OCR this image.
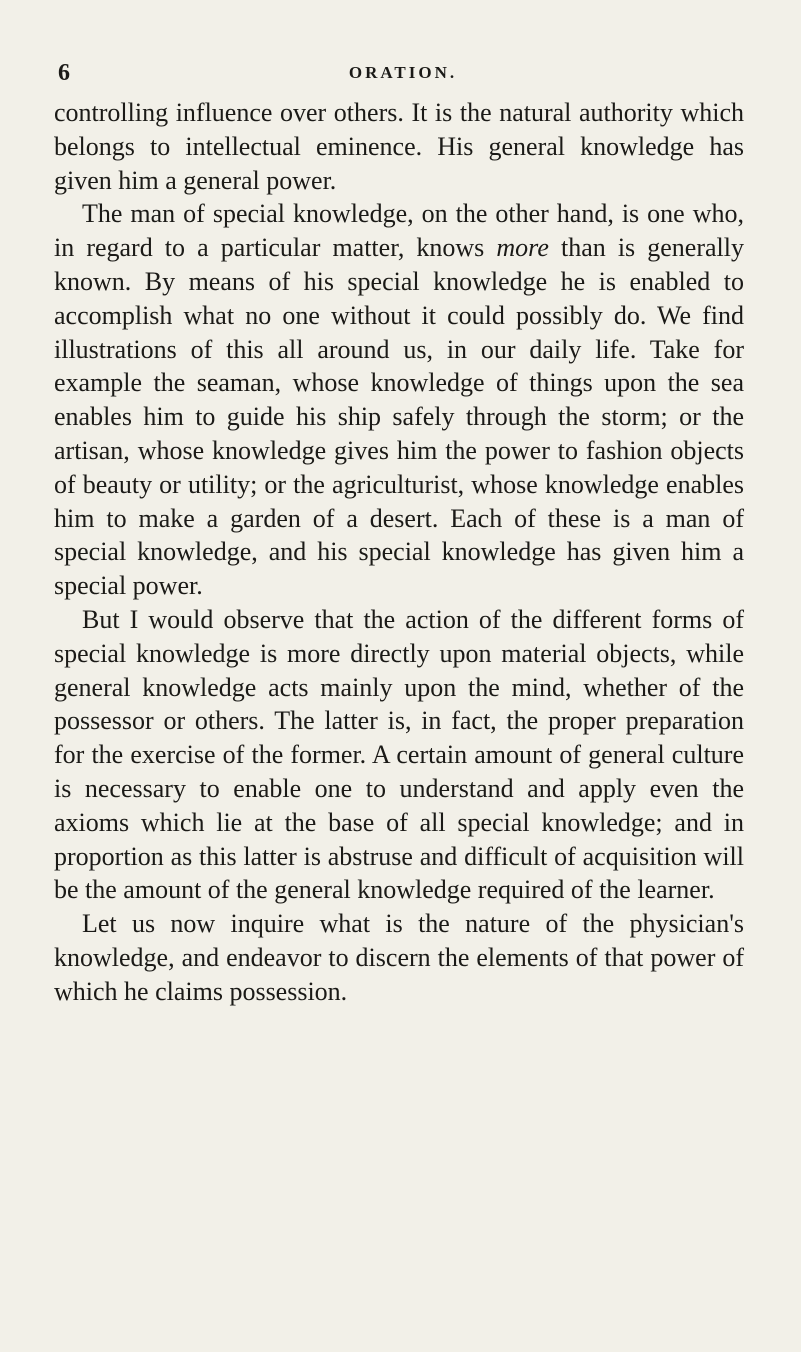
6	ORATION.

controlling influence over others. It is the natural authority which belongs to intellectual eminence. His general knowledge has given him a general power.

The man of special knowledge, on the other hand, is one who, in regard to a particular matter, knows more than is generally known. By means of his special knowledge he is enabled to accomplish what no one without it could possibly do. We find illustrations of this all around us, in our daily life. Take for example the seaman, whose knowledge of things upon the sea enables him to guide his ship safely through the storm; or the artisan, whose knowledge gives him the power to fashion objects of beauty or utility; or the agriculturist, whose knowledge enables him to make a garden of a desert. Each of these is a man of special knowledge, and his special knowledge has given him a special power.

But I would observe that the action of the different forms of special knowledge is more directly upon material objects, while general knowledge acts mainly upon the mind, whether of the possessor or others. The latter is, in fact, the proper preparation for the exercise of the former. A certain amount of general culture is necessary to enable one to understand and apply even the axioms which lie at the base of all special knowledge; and in proportion as this latter is abstruse and difficult of acquisition will be the amount of the general knowledge required of the learner.

Let us now inquire what is the nature of the physician's knowledge, and endeavor to discern the elements of that power of which he claims possession.
